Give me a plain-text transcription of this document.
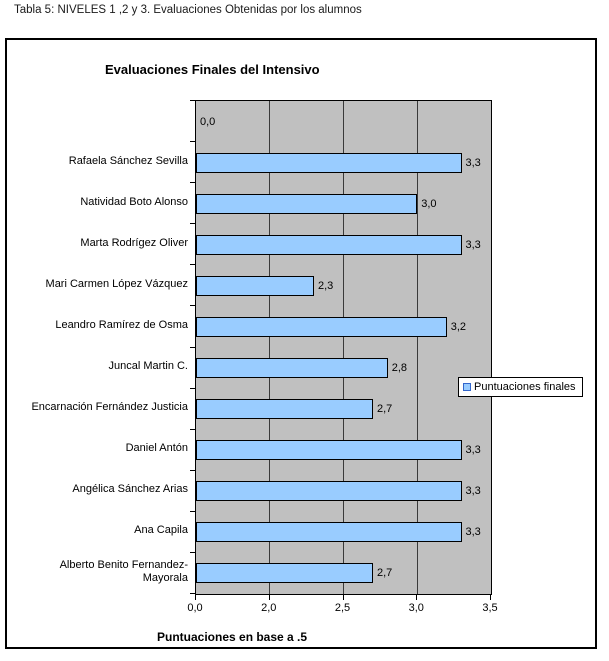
Tabla 5: NIVELES 1 ,2 y 3. Evaluaciones Obtenidas por los alumnos
Evaluaciones Finales del Intensivo
0,0
3,3
3,0
3,3
2,3
3,2
2,8
2,7
3,3
3,3
3,3
2,7
Rafaela Sánchez Sevilla
Natividad Boto Alonso
Marta Rodrígez Oliver
Mari Carmen López Vázquez
Leandro Ramírez de Osma
Juncal Martin C.
Encarnación Fernández Justicia
Daniel Antón
Angélica Sánchez Arias
Ana Capila
Alberto Benito Fernandez-Mayorala
0,0	2,0	2,5	3,0	3,5
Puntuaciones en base a .5
Puntuaciones finales
